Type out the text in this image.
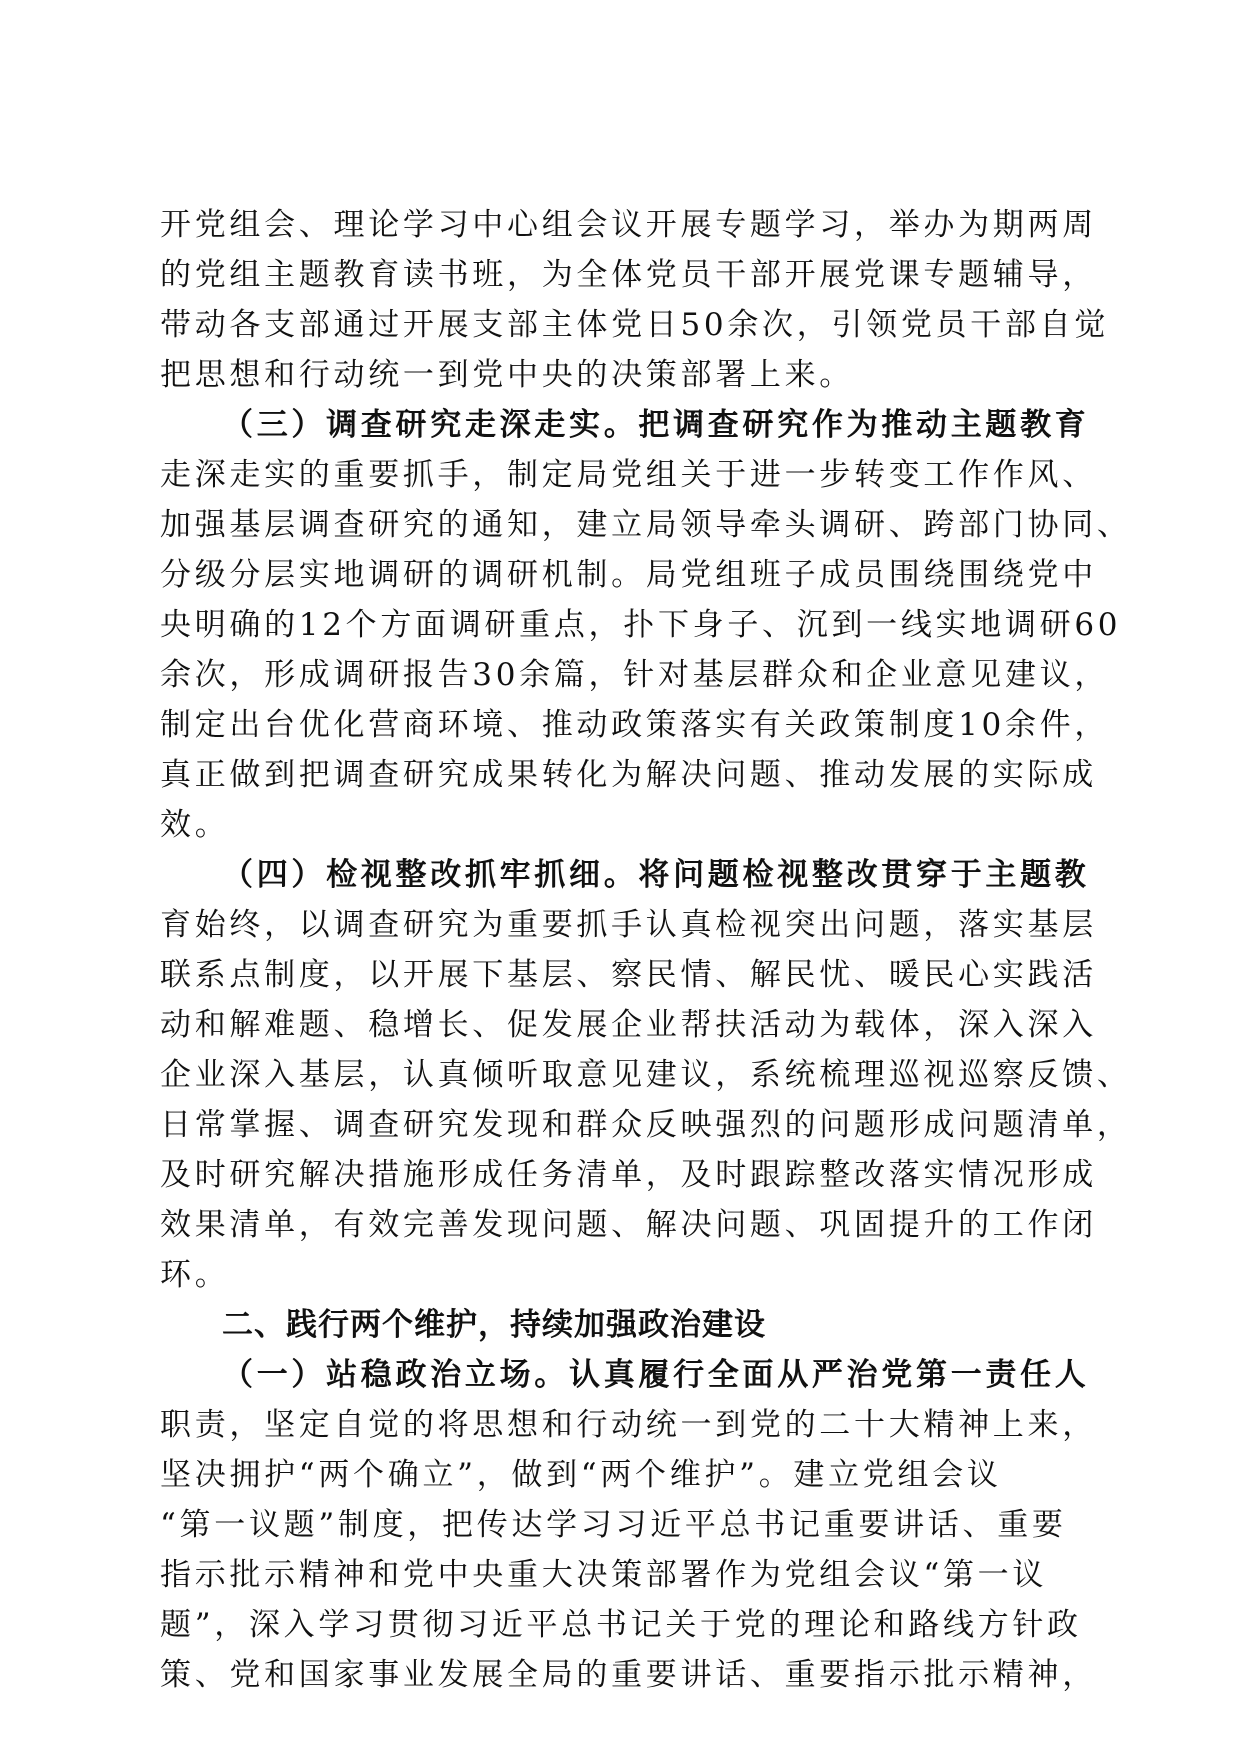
开党组会、理论学习中心组会议开展专题学习，举办为期两周
的党组主题教育读书班，为全体党员干部开展党课专题辅导，
带动各支部通过开展支部主体党日50余次，引领党员干部自觉
把思想和行动统一到党中央的决策部署上来。
（三）调查研究走深走实。把调查研究作为推动主题教育
走深走实的重要抓手，制定局党组关于进一步转变工作作风、
加强基层调查研究的通知，建立局领导牵头调研、跨部门协同、
分级分层实地调研的调研机制。局党组班子成员围绕围绕党中
央明确的12个方面调研重点，扑下身子、沉到一线实地调研60
余次，形成调研报告30余篇，针对基层群众和企业意见建议，
制定出台优化营商环境、推动政策落实有关政策制度10余件，
真正做到把调查研究成果转化为解决问题、推动发展的实际成
效。
（四）检视整改抓牢抓细。将问题检视整改贯穿于主题教
育始终，以调查研究为重要抓手认真检视突出问题，落实基层
联系点制度，以开展下基层、察民情、解民忧、暖民心实践活
动和解难题、稳增长、促发展企业帮扶活动为载体，深入深入
企业深入基层，认真倾听取意见建议，系统梳理巡视巡察反馈、
日常掌握、调查研究发现和群众反映强烈的问题形成问题清单，
及时研究解决措施形成任务清单，及时跟踪整改落实情况形成
效果清单，有效完善发现问题、解决问题、巩固提升的工作闭
环。
二、践行两个维护，持续加强政治建设
（一）站稳政治立场。认真履行全面从严治党第一责任人
职责，坚定自觉的将思想和行动统一到党的二十大精神上来，
坚决拥护“两个确立”，做到“两个维护”。建立党组会议
“第一议题”制度，把传达学习习近平总书记重要讲话、重要
指示批示精神和党中央重大决策部署作为党组会议“第一议
题”，深入学习贯彻习近平总书记关于党的理论和路线方针政
策、党和国家事业发展全局的重要讲话、重要指示批示精神，
